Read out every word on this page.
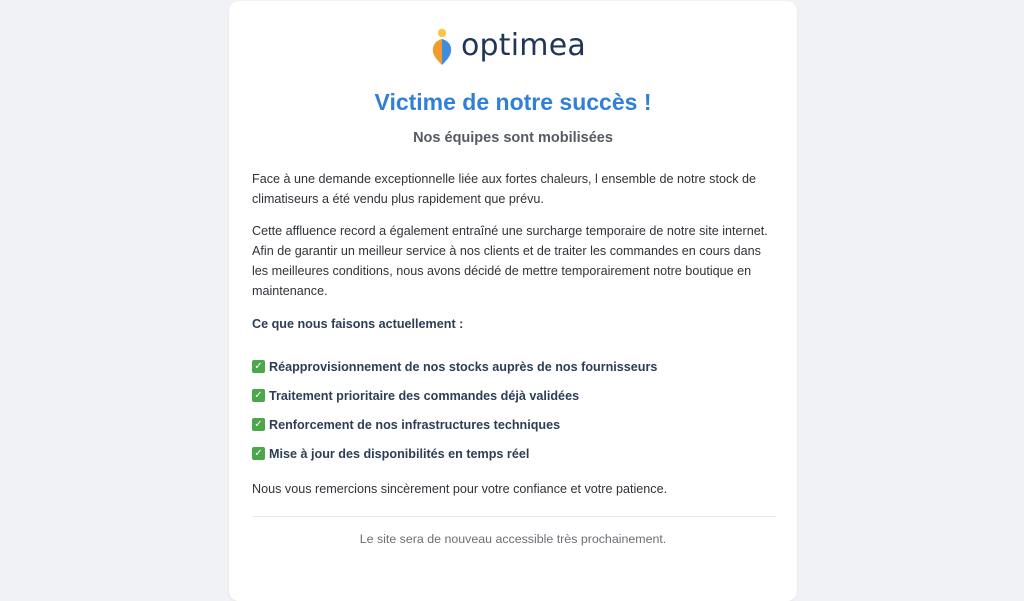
optimea
Victime de notre succès !
Nos équipes sont mobilisées

Face à une demande exceptionnelle liée aux fortes chaleurs, l ensemble de notre stock de climatiseurs a été vendu plus rapidement que prévu.

Cette affluence record a également entraîné une surcharge temporaire de notre site internet. Afin de garantir un meilleur service à nos clients et de traiter les commandes en cours dans les meilleures conditions, nous avons décidé de mettre temporairement notre boutique en maintenance.

Ce que nous faisons actuellement :
✓ Réapprovisionnement de nos stocks auprès de nos fournisseurs
✓ Traitement prioritaire des commandes déjà validées
✓ Renforcement de nos infrastructures techniques
✓ Mise à jour des disponibilités en temps réel

Nous vous remercions sincèrement pour votre confiance et votre patience.

Le site sera de nouveau accessible très prochainement.
